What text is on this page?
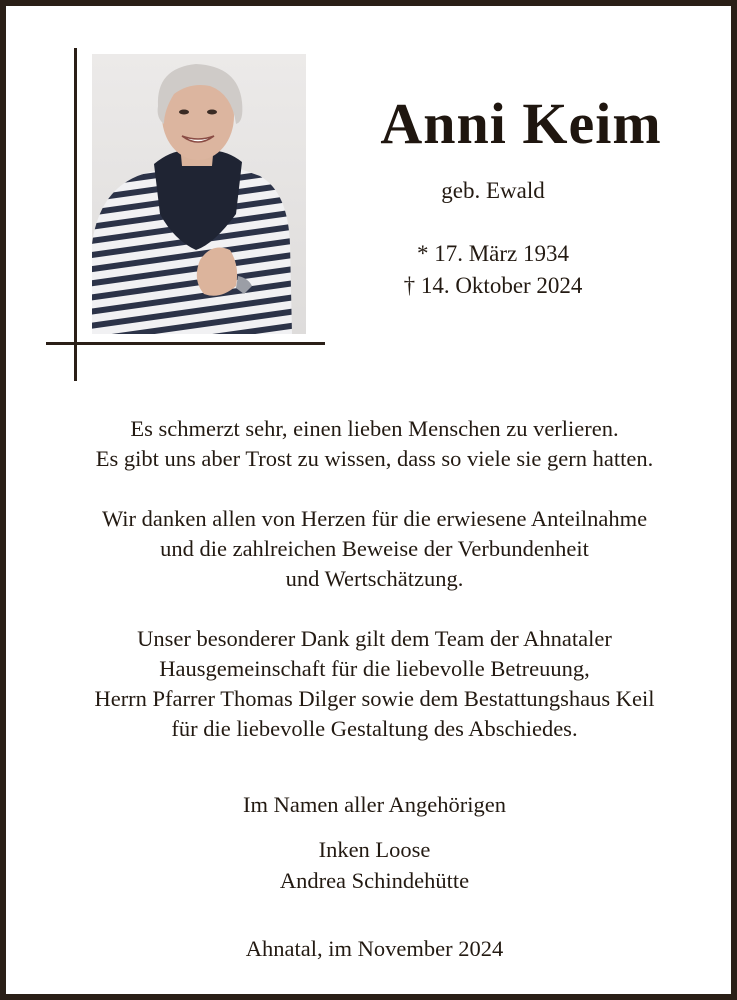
Anni Keim
geb. Ewald
* 17. März 1934
† 14. Oktober 2024
Es schmerzt sehr, einen lieben Menschen zu verlieren.
Es gibt uns aber Trost zu wissen, dass so viele sie gern hatten.
Wir danken allen von Herzen für die erwiesene Anteilnahme
und die zahlreichen Beweise der Verbundenheit
und Wertschätzung.
Unser besonderer Dank gilt dem Team der Ahnataler
Hausgemeinschaft für die liebevolle Betreuung,
Herrn Pfarrer Thomas Dilger sowie dem Bestattungshaus Keil
für die liebevolle Gestaltung des Abschiedes.
Im Namen aller Angehörigen
Inken Loose
Andrea Schindehütte
Ahnatal, im November 2024
